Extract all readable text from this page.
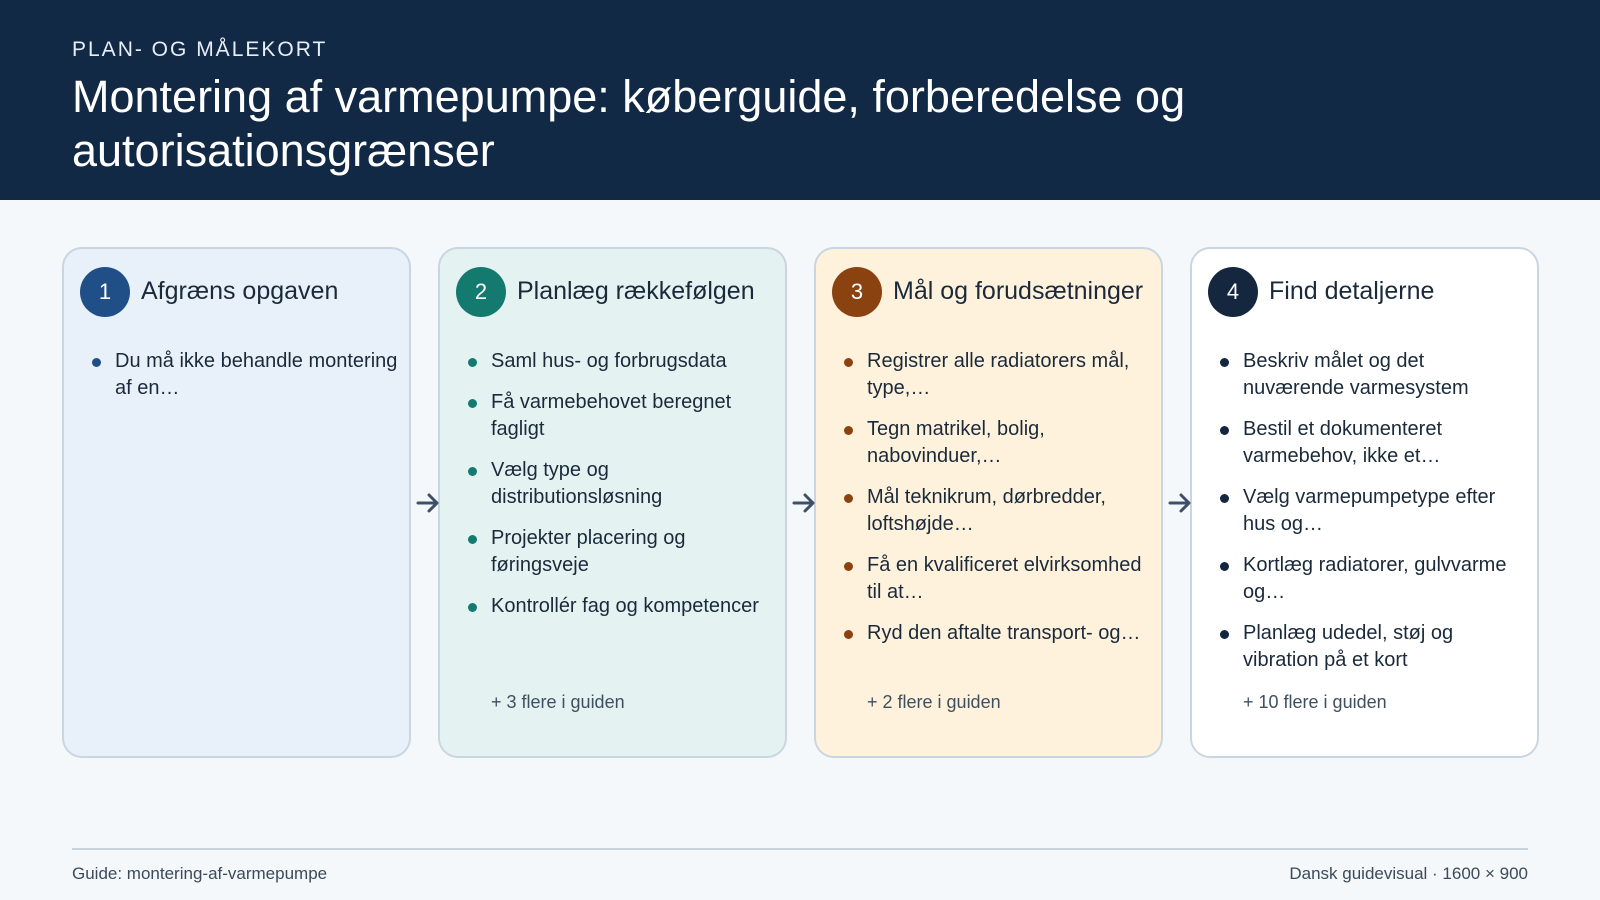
PLAN- OG MÅLEKORT
Montering af varmepumpe: køberguide, forberedelse og autorisationsgrænser
1	Afgræns opgaven
Du må ikke behandle montering af en…
2	Planlæg rækkefølgen
Saml hus- og forbrugsdata
Få varmebehovet beregnet fagligt
Vælg type og distributionsløsning
Projekter placering og føringsveje
Kontrollér fag og kompetencer
+ 3 flere i guiden
3	Mål og forudsætninger
Registrer alle radiatorers mål, type,…
Tegn matrikel, bolig, nabovinduer,…
Mål teknikrum, dørbredder, loftshøjde…
Få en kvalificeret elvirksomhed til at…
Ryd den aftalte transport- og…
+ 2 flere i guiden
4	Find detaljerne
Beskriv målet og det nuværende varmesystem
Bestil et dokumenteret varmebehov, ikke et…
Vælg varmepumpetype efter hus og…
Kortlæg radiatorer, gulvvarme og…
Planlæg udedel, støj og vibration på et kort
+ 10 flere i guiden
Guide: montering-af-varmepumpe	Dansk guidevisual · 1600 × 900
